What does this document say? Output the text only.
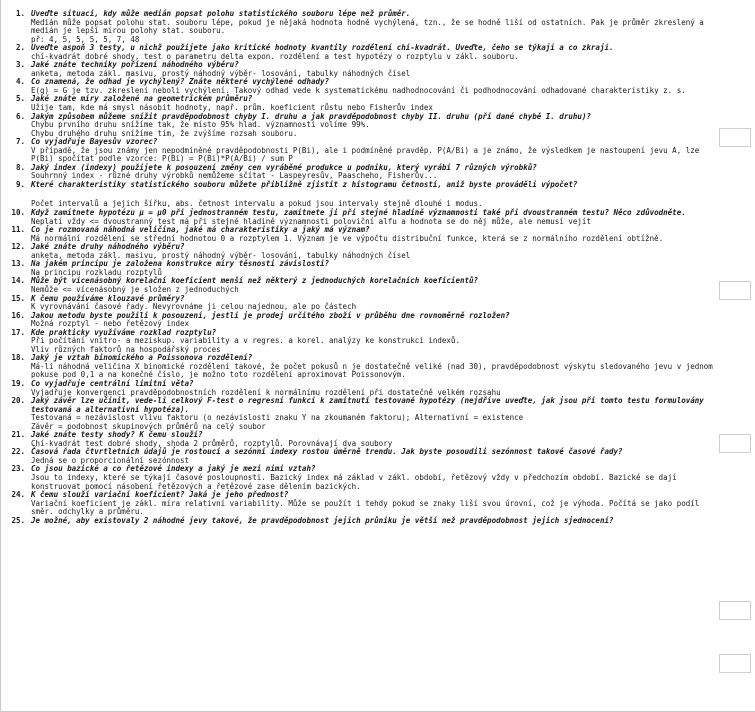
1. Uveďte situaci, kdy může medián popsat polohu statistického souboru lépe než průměr.
Medián může popsat polohu stat. souboru lépe, pokud je nějaká hodnota hodně vychýlená, tzn., že se hodně liší od ostatních. Pak je průměr zkreslený a medián je lepší mírou polohy stat. souboru.
př: 4, 5, 5, 5, 5, 7, 48
2. Uveďte aspoň 3 testy, u nichž použijete jako kritické hodnoty kvantily rozdělení chí-kvadrát. Uveďte, čeho se týkají a co zkrají.
chí-kvadrát dobré shody, test o parametru delta expon. rozdělení a test hypotézy o rozptylu v zákl. souboru.
3. Jaké znáte techniky pořízení náhodného výběru?
anketa, metoda zákl. masivu, prostý náhodný výběr- losování, tabulky náhodných čísel
4. Co znamená, že odhad je vychýlený? Znáte některé vychýlené odhady?
E(g) = G je tzv. zkreslení neboli vychýlení. Takový odhad vede k systematickému nadhodnocování či podhodnocování odhadované charakteristiky z. s.
5. Jaké znáte míry založené na geometrickém průměru?
Užije tam, kde má smysl násobit hodnoty, např. prům. koeficient růstu nebo Fisherův index
6. Jakým způsobem můžeme snížit pravděpodobnost chyby I. druhu a jak pravděpodobnost chyby II. druhu (při dané chybě I. druhu)?
Chybu prvního druhu snížíme tak, že místo 95% hlad. významnosti volíme 99%.
Chybu druhého druhu snížíme tím, že zvýšíme rozsah souboru.
7. Co vyjadřuje Bayesův vzorec?
V případě, že jsou známy jen nepodmíněné pravděpodobnosti P(Bi), ale i podmíněné pravděp. P(A/Bi) a je známo, že výsledkem je nastoupení jevu A, lze P(Bi) spočítat podle vzorce: P(Bi) = P(Bi)*P(A/Bi) / sum P
8. Jaký index (indexy) použijete k posouzení změny cen vyráběné produkce u podniku, který vyrábí 7 různých výrobků?
Souhrnný index - různé druhy výrobků nemůžeme sčítat - Laspeyresův, Paascheho, Fisherův...
9. Které charakteristiky statistického souboru můžete přibližně zjistit z histogramu četností, aniž byste prováděli výpočet?
Počet intervalů a jejich šířku, abs. četnost intervalu a pokud jsou intervaly stejně dlouhé i modus.
10. Když zamítnete hypotézu μ = μ0 při jednostranném testu, zamítnete ji při stejné hladině významnosti také při dvoustranném testu? Něco zdůvodněte.
Neplatí vždy <= dvoustranný test má při stejné hladině významnosti poloviční alfu a hodnota se do něj může, ale nemusí vejít
11. Co je rozmovaná náhodná veličina, jaké má charakteristiky a jaký má význam?
Má normální rozdělení se střední hodnotou 0 a rozptylem 1. Význam je ve výpočtu distribuční funkce, která se z normálního rozdělení obtížně.
12. Jaké znáte druhy náhodného výběru?
anketa, metoda zákl. masivu, prostý náhodný výběr- losování, tabulky náhodných čísel
13. Na jakém principu je založena konstrukce míry těsnosti závislosti?
Na principu rozkladu rozptylů
14. Může být vícenásobný korelační koeficient menší než některý z jednoduchých korelačních koeficientů?
Nemůže <= vícenásobný je složen z jednoduchých
15. K čemu používáme klouzavé průměry?
K vyrovnávání časové řady. Nevyrovnáme ji celou najednou, ale po částech
16. Jakou metodu byste použili k posouzení, jestli je prodej určitého zboží v průběhu dne rovnoměrně rozložen?
Možná rozptyl - nebo řetězový index
17. Kde prakticky využíváme rozklad rozptylu?
Při počítání vnitro- a meziskup. variability a v regres. a korel. analýzy ke konstrukci indexů.
Vliv různých faktorů na hospodářský proces
18. Jaký je vztah binomického a Poissonova rozdělení?
Má-li náhodná veličina X binomické rozdělení takové, že počet pokusů n je dostatečně veliké (nad 30), pravděpodobnost výskytu sledovaného jevu v jednom pokuse pod 0,1 a na konečné číslo, je možno toto rozdělení aproximovat Poissonovým.
19. Co vyjadřuje centrální limitní věta?
Vyjadřuje konvergenci pravděpodobnostních rozdělení k normálnímu rozdělení při dostatečně velkém rozsahu
20. Jaký závěr lze učinit, vede-li celkový F-test o regresní funkci k zamítnutí testované hypotézy (nejdříve uveďte, jak jsou při tomto testu formulovány testovaná a alternativní hypotéza).
Testovaná = nezávislost vlivu faktoru (o nezávislosti znaku Y na zkoumaném faktoru); Alternativní = existence
Závěr = podobnost skupinových průměrů na celý soubor
21. Jaké znáte testy shody? K čemu slouží?
Chí-kvadrát test dobré shody, shoda 2 průměrů, rozptylů. Porovnávají dva soubory
22. Časová řada čtvrtletních údajů je rostoucí a sezónní indexy rostou úměrně trendu. Jak byste posoudili sezónnost takové časové řady?
Jedná se o proporcionální sezónnost
23. Co jsou bazické a co řetězové indexy a jaký je mezi nimi vztah?
Jsou to indexy, které se týkají časové posloupnosti. Bazický index má základ v zákl. období, řetězový vždy v předchozím období. Bazické se dají konstruovat pomocí násobení řetězových a řetězové zase dělením bazických.
24. K čemu slouží variační koeficient? Jaká je jeho přednost?
Variační koeficient je zákl. míra relativní variability. Může se použít i tehdy pokud se znaky liší svou úrovní, což je výhoda. Počítá se jako podíl směr. odchylky a průměru.
25. Je možné, aby existovaly 2 náhodné jevy takové, že pravděpodobnost jejich průniku je větší než pravděpodobnost jejich sjednocení?
